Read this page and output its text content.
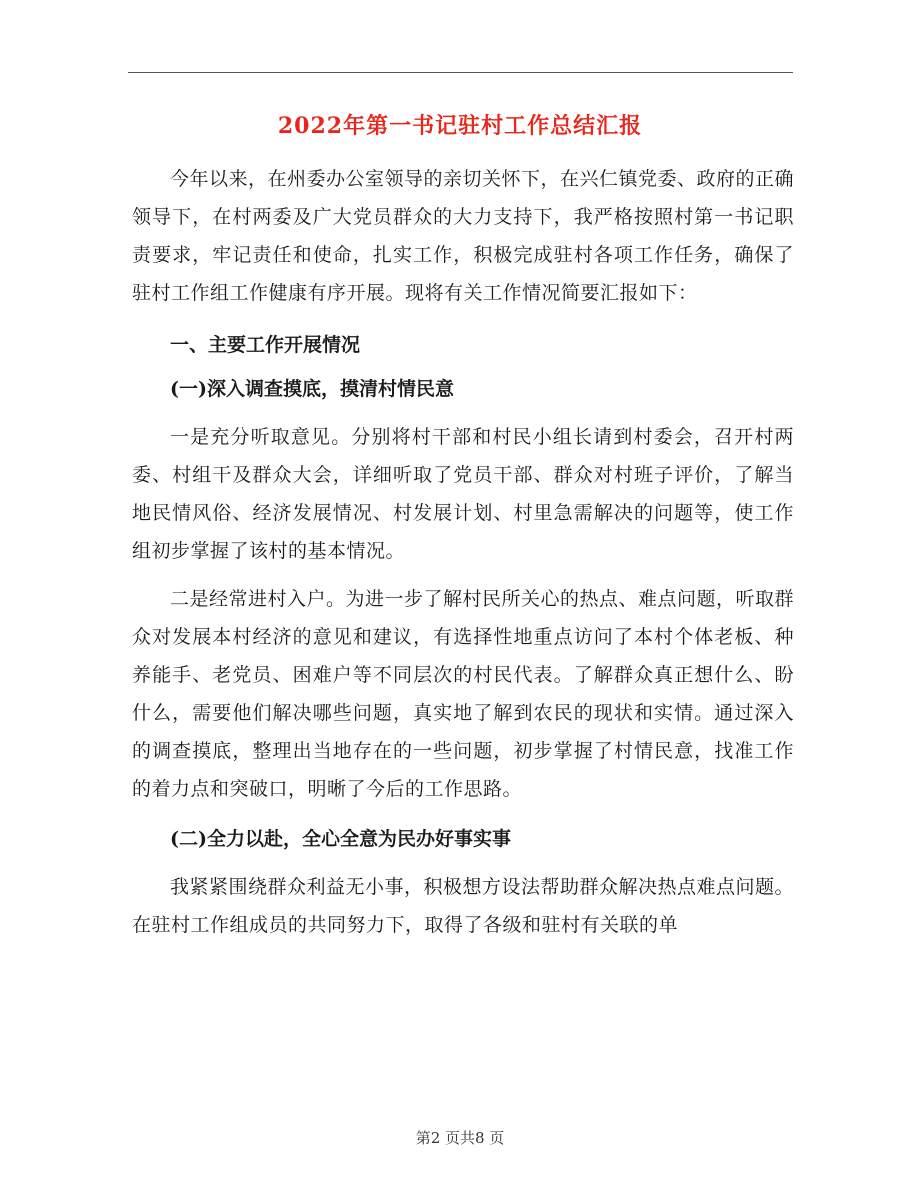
2022年第一书记驻村工作总结汇报

今年以来，在州委办公室领导的亲切关怀下，在兴仁镇党委、政府的正确领导下，在村两委及广大党员群众的大力支持下，我严格按照村第一书记职责要求，牢记责任和使命，扎实工作，积极完成驻村各项工作任务，确保了驻村工作组工作健康有序开展。现将有关工作情况简要汇报如下：

一、主要工作开展情况

(一)深入调查摸底，摸清村情民意

一是充分听取意见。分别将村干部和村民小组长请到村委会，召开村两委、村组干及群众大会，详细听取了党员干部、群众对村班子评价，了解当地民情风俗、经济发展情况、村发展计划、村里急需解决的问题等，使工作组初步掌握了该村的基本情况。

二是经常进村入户。为进一步了解村民所关心的热点、难点问题，听取群众对发展本村经济的意见和建议，有选择性地重点访问了本村个体老板、种养能手、老党员、困难户等不同层次的村民代表。了解群众真正想什么、盼什么，需要他们解决哪些问题，真实地了解到农民的现状和实情。通过深入的调查摸底，整理出当地存在的一些问题，初步掌握了村情民意，找准工作的着力点和突破口，明晰了今后的工作思路。

(二)全力以赴，全心全意为民办好事实事

我紧紧围绕群众利益无小事，积极想方设法帮助群众解决热点难点问题。在驻村工作组成员的共同努力下，取得了各级和驻村有关联的单

第2 页共8 页
